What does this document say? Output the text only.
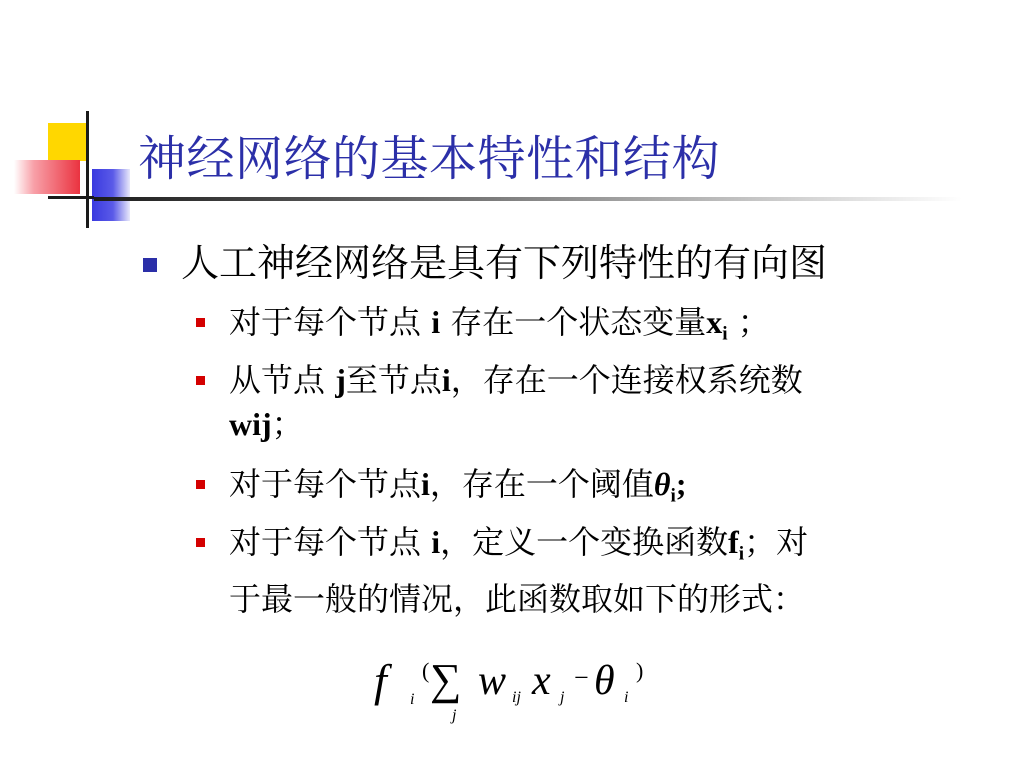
神经网络的基本特性和结构
人工神经网络是具有下列特性的有向图
对于每个节点 i 存在一个状态变量$x_i$ ；
从节点 j至节点i，存在一个连接权系统数
wij；
对于每个节点i，存在一个阈值$\theta_i$;
对于每个节点 i，定义一个变换函数$f_i$；对
于最一般的情况，此函数取如下的形式：
f	i
( ∑
j
w ij x j
− θ i
)
